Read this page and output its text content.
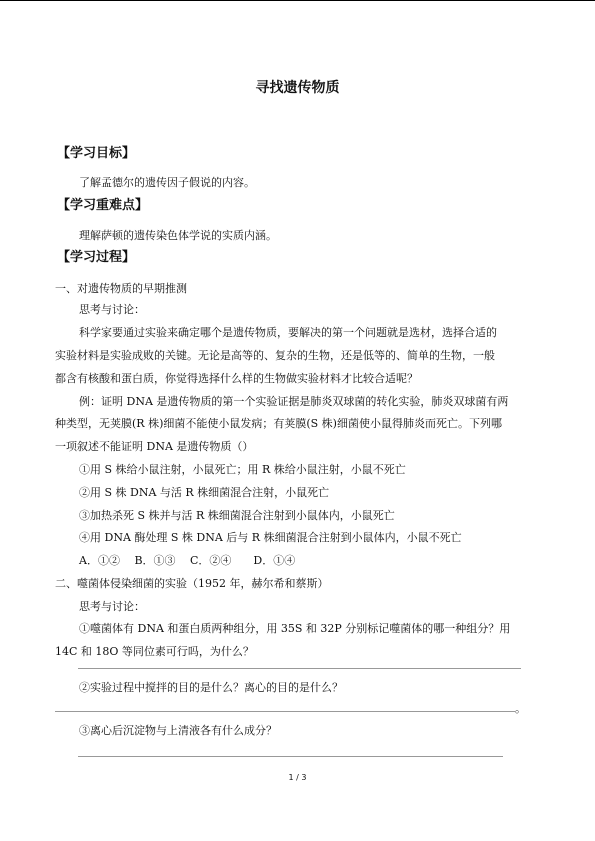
寻找遗传物质
【学习目标】
了解孟德尔的遗传因子假说的内容。
【学习重难点】
理解萨顿的遗传染色体学说的实质内涵。
【学习过程】
一、对遗传物质的早期推测
思考与讨论：
科学家要通过实验来确定哪个是遗传物质，要解决的第一个问题就是选材，选择合适的
实验材料是实验成败的关键。无论是高等的、复杂的生物，还是低等的、简单的生物，一般
都含有核酸和蛋白质，你觉得选择什么样的生物做实验材料才比较合适呢？
例：证明 DNA 是遗传物质的第一个实验证据是肺炎双球菌的转化实验，肺炎双球菌有两
种类型，无荚膜(R 株)细菌不能使小鼠发病；有荚膜(S 株)细菌使小鼠得肺炎而死亡。下列哪
一项叙述不能证明 DNA 是遗传物质（）
①用 S 株给小鼠注射，小鼠死亡；用 R 株给小鼠注射，小鼠不死亡
②用 S 株 DNA 与活 R 株细菌混合注射，小鼠死亡
③加热杀死 S 株并与活 R 株细菌混合注射到小鼠体内，小鼠死亡
④用 DNA 酶处理 S 株 DNA 后与 R 株细菌混合注射到小鼠体内，小鼠不死亡
A．①②　 B．①③　 C．②④　　D．①④
二、噬菌体侵染细菌的实验（1952 年，赫尔希和蔡斯）
思考与讨论：
①噬菌体有 DNA 和蛋白质两种组分，用 35S 和 32P 分别标记噬菌体的哪一种组分？用
14C 和 18O 等同位素可行吗，为什么？
②实验过程中搅拌的目的是什么？离心的目的是什么？
。
③离心后沉淀物与上清液各有什么成分？
1 / 3
